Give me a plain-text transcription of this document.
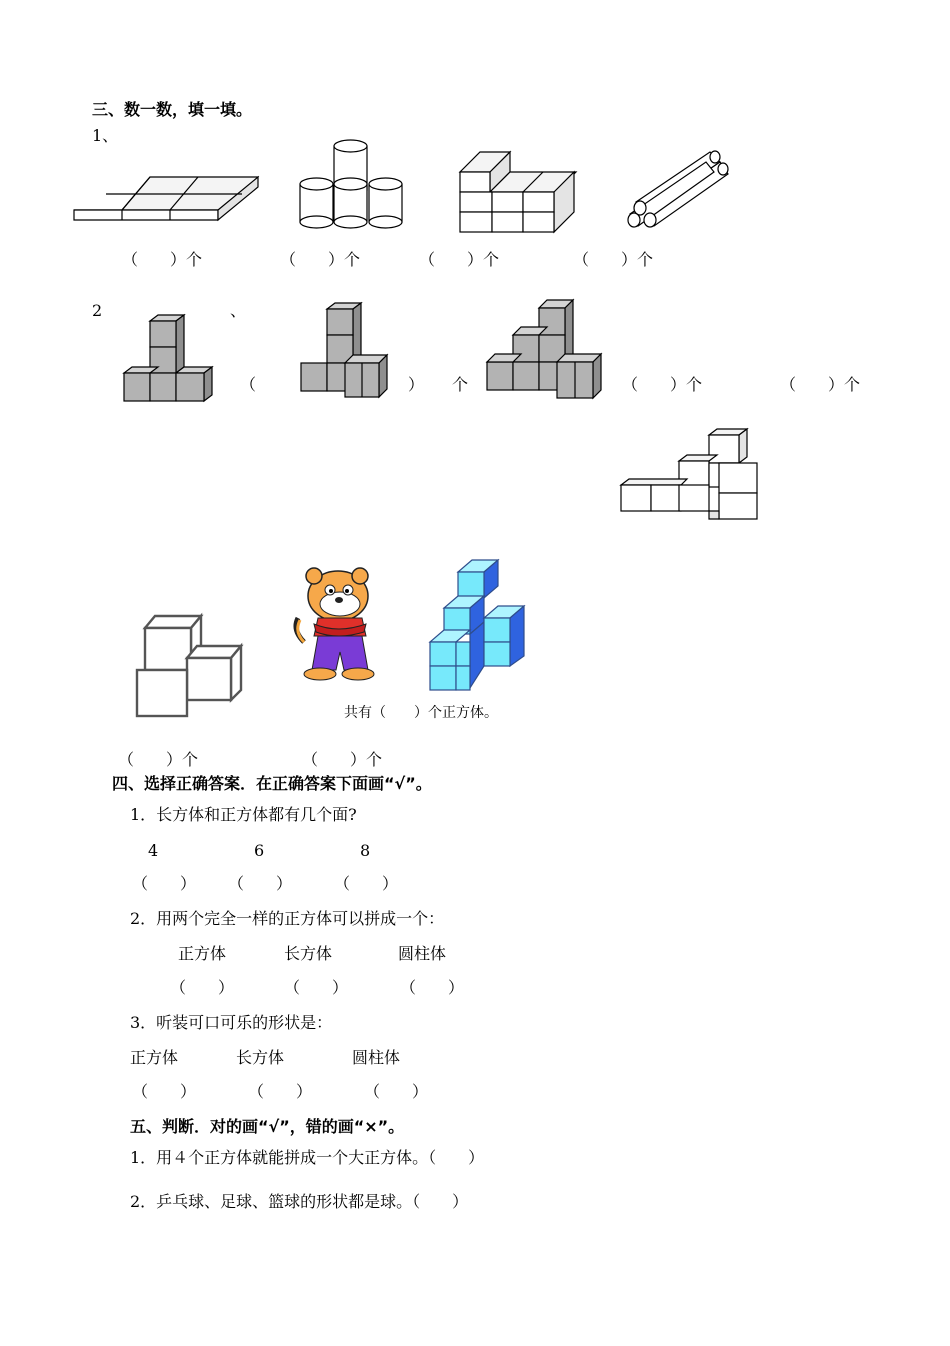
三、数一数，填一填。
1、
（　　）个	（　　）个	（　　）个	（　　）个
2	、
（	） 个	（　　）个	（　　）个
共有（　　）个正方体。
（　　）个	（　　）个
四、选择正确答案．在正确答案下面画“√”。
1．长方体和正方体都有几个面?
4	6	8
（　　） （　　）	（　　）
2．用两个完全一样的正方体可以拼成一个：
正方体	长方体	圆柱体
（　　）	（　　）	（　　）
3．听装可口可乐的形状是：
正方体	长方体	圆柱体
（　　）	（　　）	（　　）
五、判断．对的画“√”，错的画“×”。
1．用４个正方体就能拼成一个大正方体。（　　）
2．乒乓球、足球、篮球的形状都是球。（　　）
